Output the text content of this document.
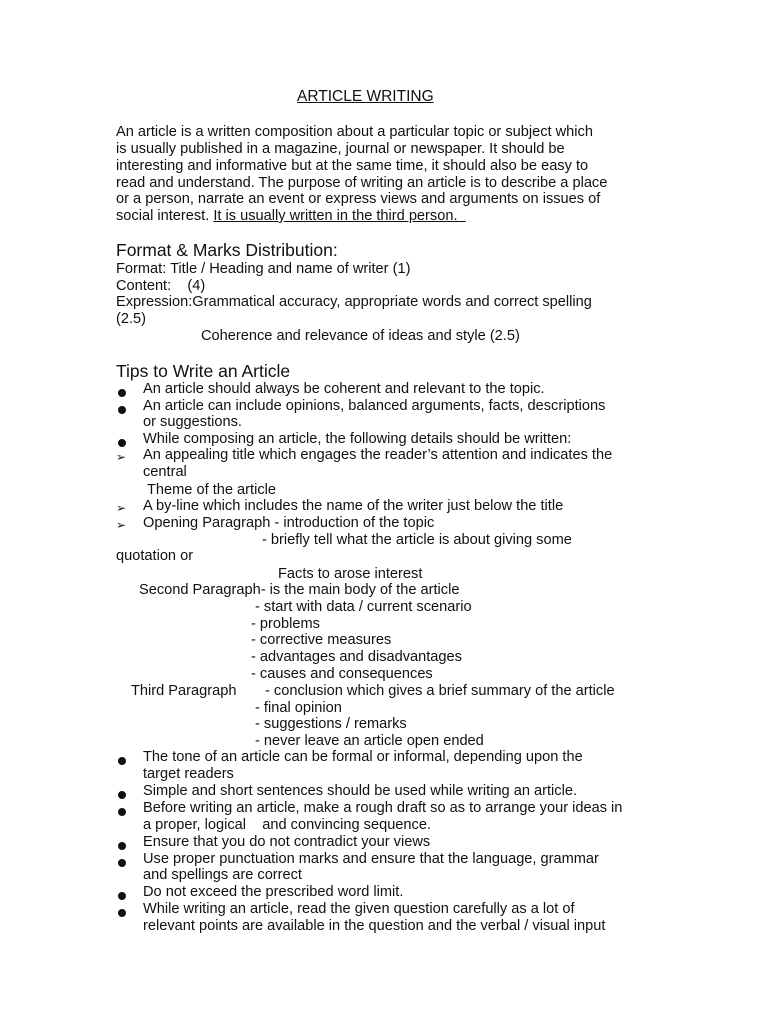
ARTICLE WRITING
An article is a written composition about a particular topic or subject which
is usually published in a magazine, journal or newspaper. It should be
interesting and informative but at the same time, it should also be easy to
read and understand. The purpose of writing an article is to describe a place
or a person, narrate an event or express views and arguments on issues of
social interest. It is usually written in the third person.
Format & Marks Distribution:
Format: Title / Heading and name of writer (1)
Content:    (4)
Expression:Grammatical accuracy, appropriate words and correct spelling
(2.5)
Coherence and relevance of ideas and style (2.5)
Tips to Write an Article
An article should always be coherent and relevant to the topic.
An article can include opinions, balanced arguments, facts, descriptions
or suggestions.
While composing an article, the following details should be written:
➢ An appealing title which engages the reader’s attention and indicates the
central
Theme of the article
➢ A by-line which includes the name of the writer just below the title
➢ Opening Paragraph - introduction of the topic
- briefly tell what the article is about giving some
quotation or
Facts to arose interest
Second Paragraph- is the main body of the article
- start with data / current scenario
- problems
- corrective measures
- advantages and disadvantages
- causes and consequences
Third Paragraph - conclusion which gives a brief summary of the article
- final opinion
- suggestions / remarks
- never leave an article open ended
The tone of an article can be formal or informal, depending upon the
target readers
Simple and short sentences should be used while writing an article.
Before writing an article, make a rough draft so as to arrange your ideas in
a proper, logical    and convincing sequence.
Ensure that you do not contradict your views
Use proper punctuation marks and ensure that the language, grammar
and spellings are correct
Do not exceed the prescribed word limit.
While writing an article, read the given question carefully as a lot of
relevant points are available in the question and the verbal / visual input
